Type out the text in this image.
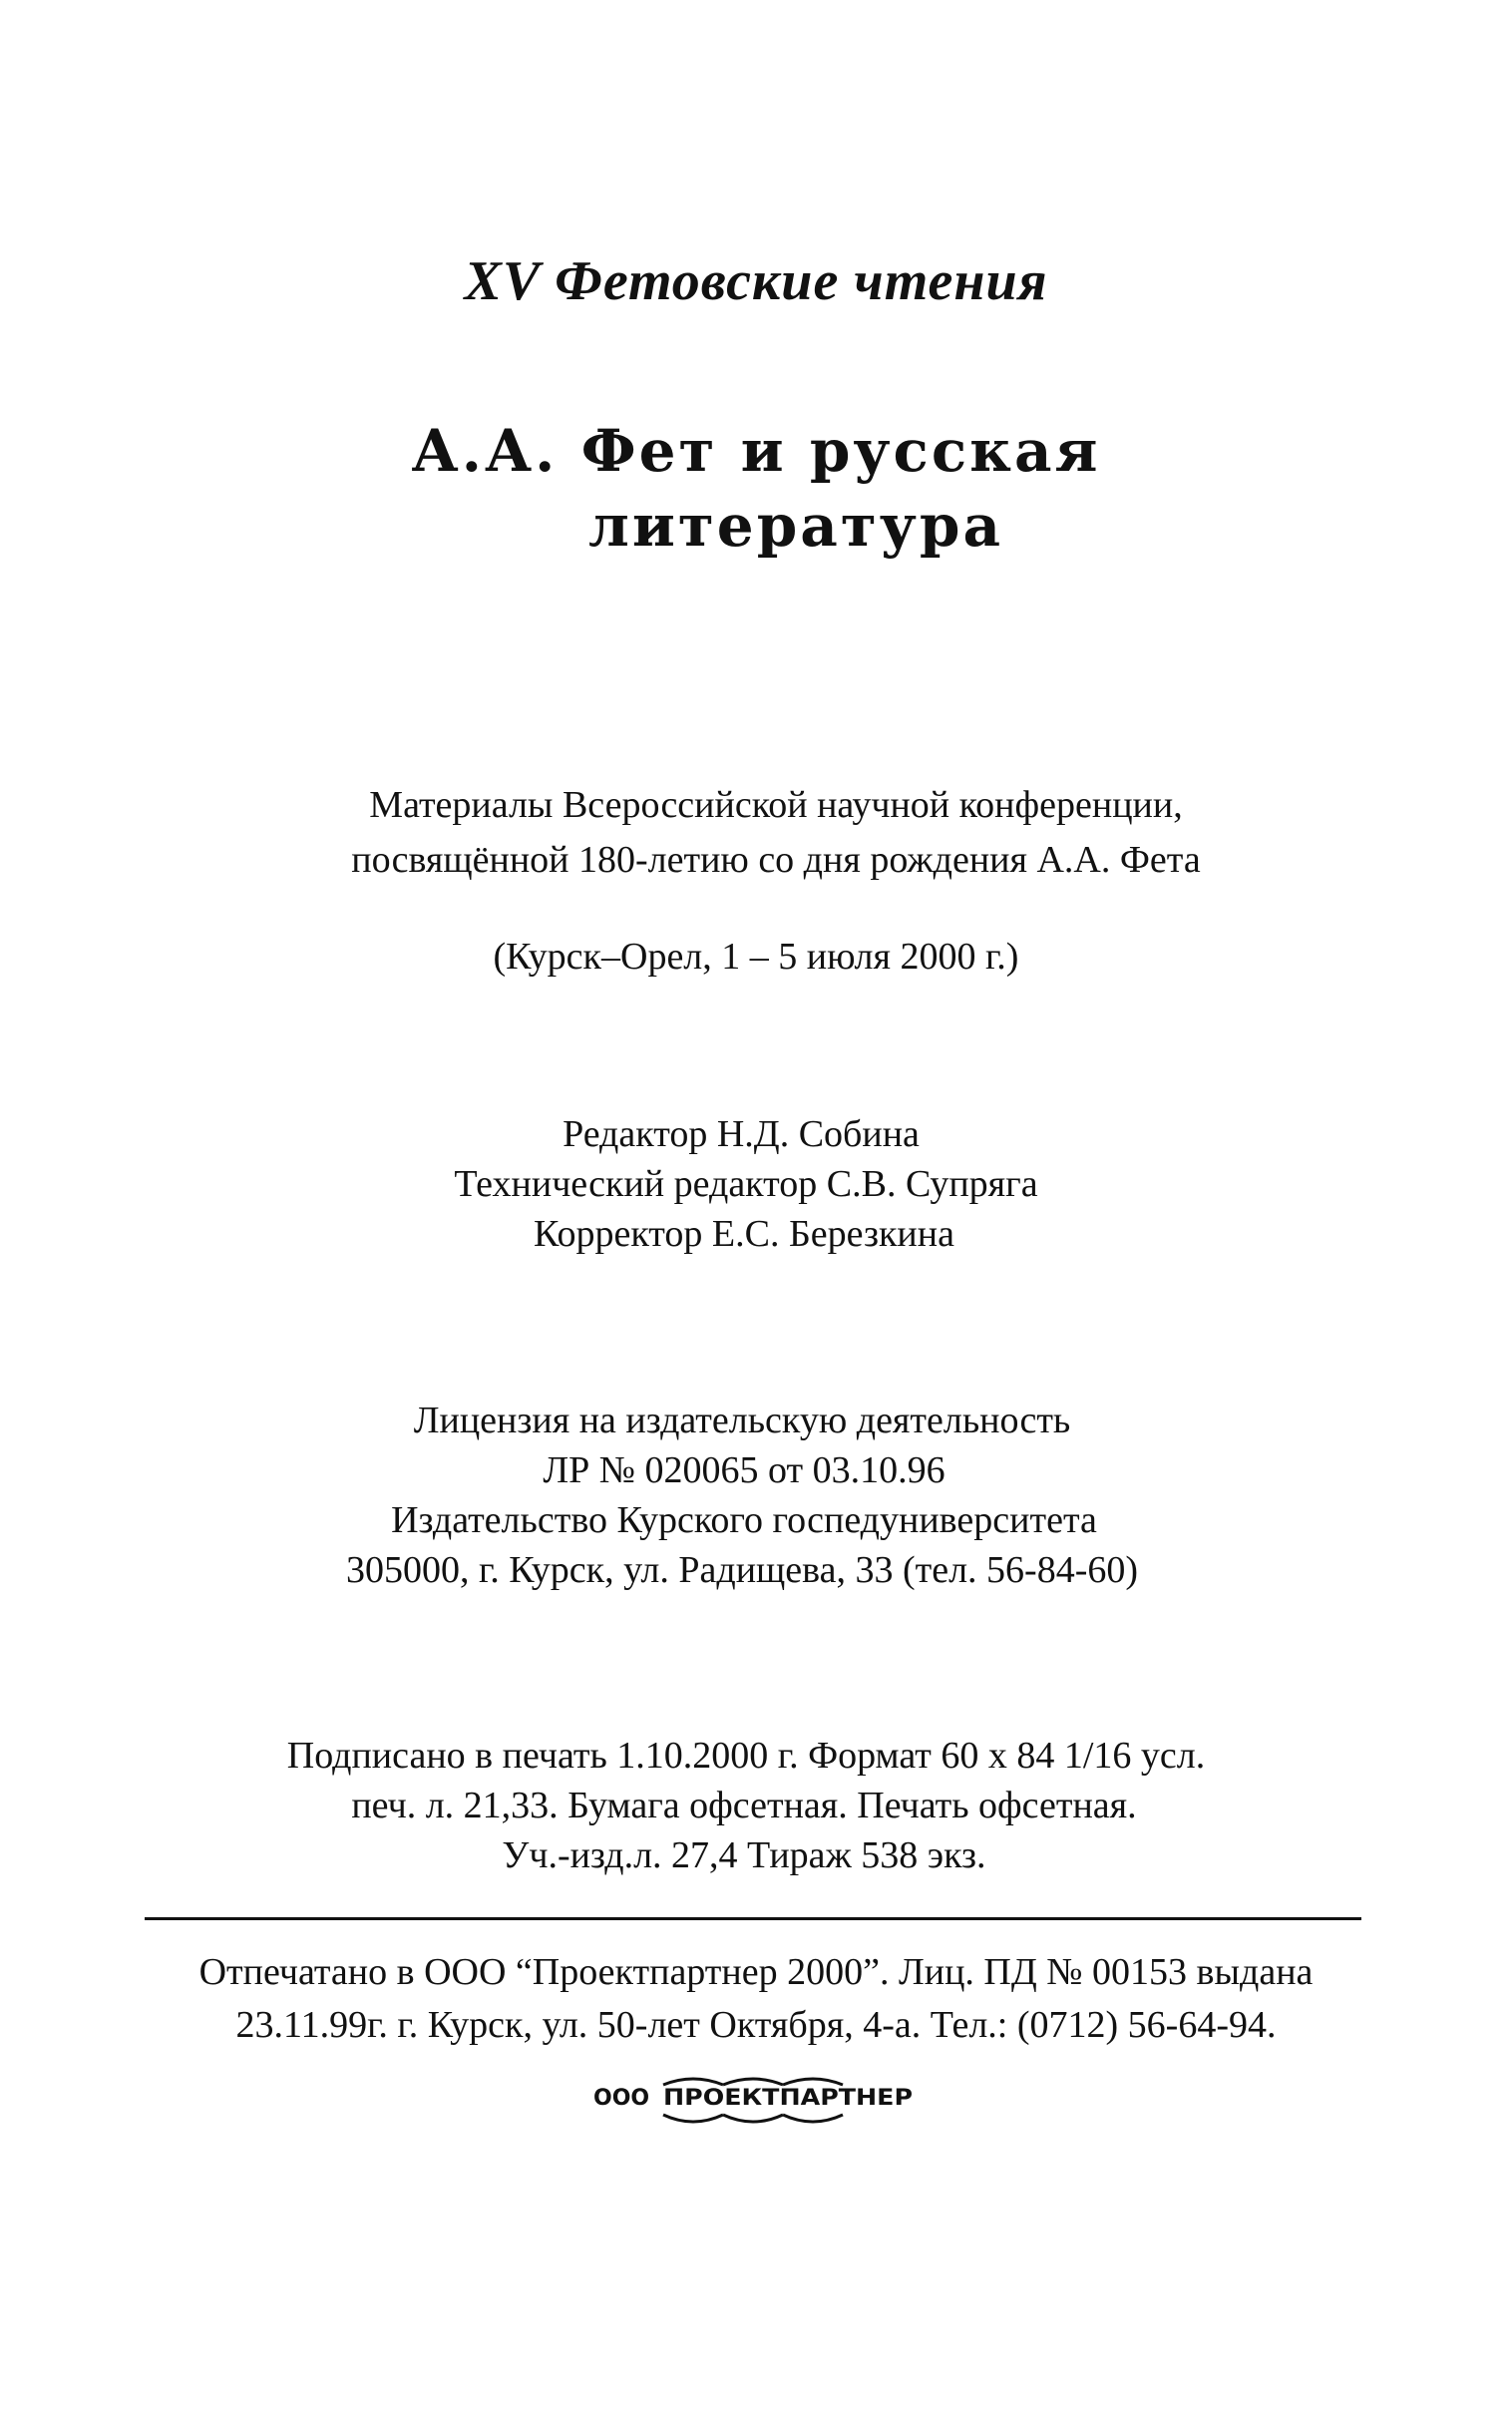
XV Фетовские чтения
А.А. Фет и русская
литература
Материалы Всероссийской научной конференции,
посвящённой 180-летию со дня рождения А.А. Фета
(Курск–Орел, 1 – 5 июля 2000 г.)
Редактор Н.Д. Собина
Технический редактор С.В. Супряга
Корректор Е.С. Березкина
Лицензия на издательскую деятельность
ЛР № 020065 от 03.10.96
Издательство Курского госпедуниверситета
305000, г. Курск, ул. Радищева, 33 (тел. 56-84-60)
Подписано в печать 1.10.2000 г. Формат 60 х 84 1/16 усл.
печ. л. 21,33. Бумага офсетная. Печать офсетная.
Уч.-изд.л. 27,4 Тираж 538 экз.
Отпечатано в ООО “Проектпартнер 2000”. Лиц. ПД № 00153 выдана
23.11.99г. г. Курск, ул. 50-лет Октября, 4-а. Тел.: (0712) 56-64-94.
ООО ПРОЕКТПАРТНЕР
